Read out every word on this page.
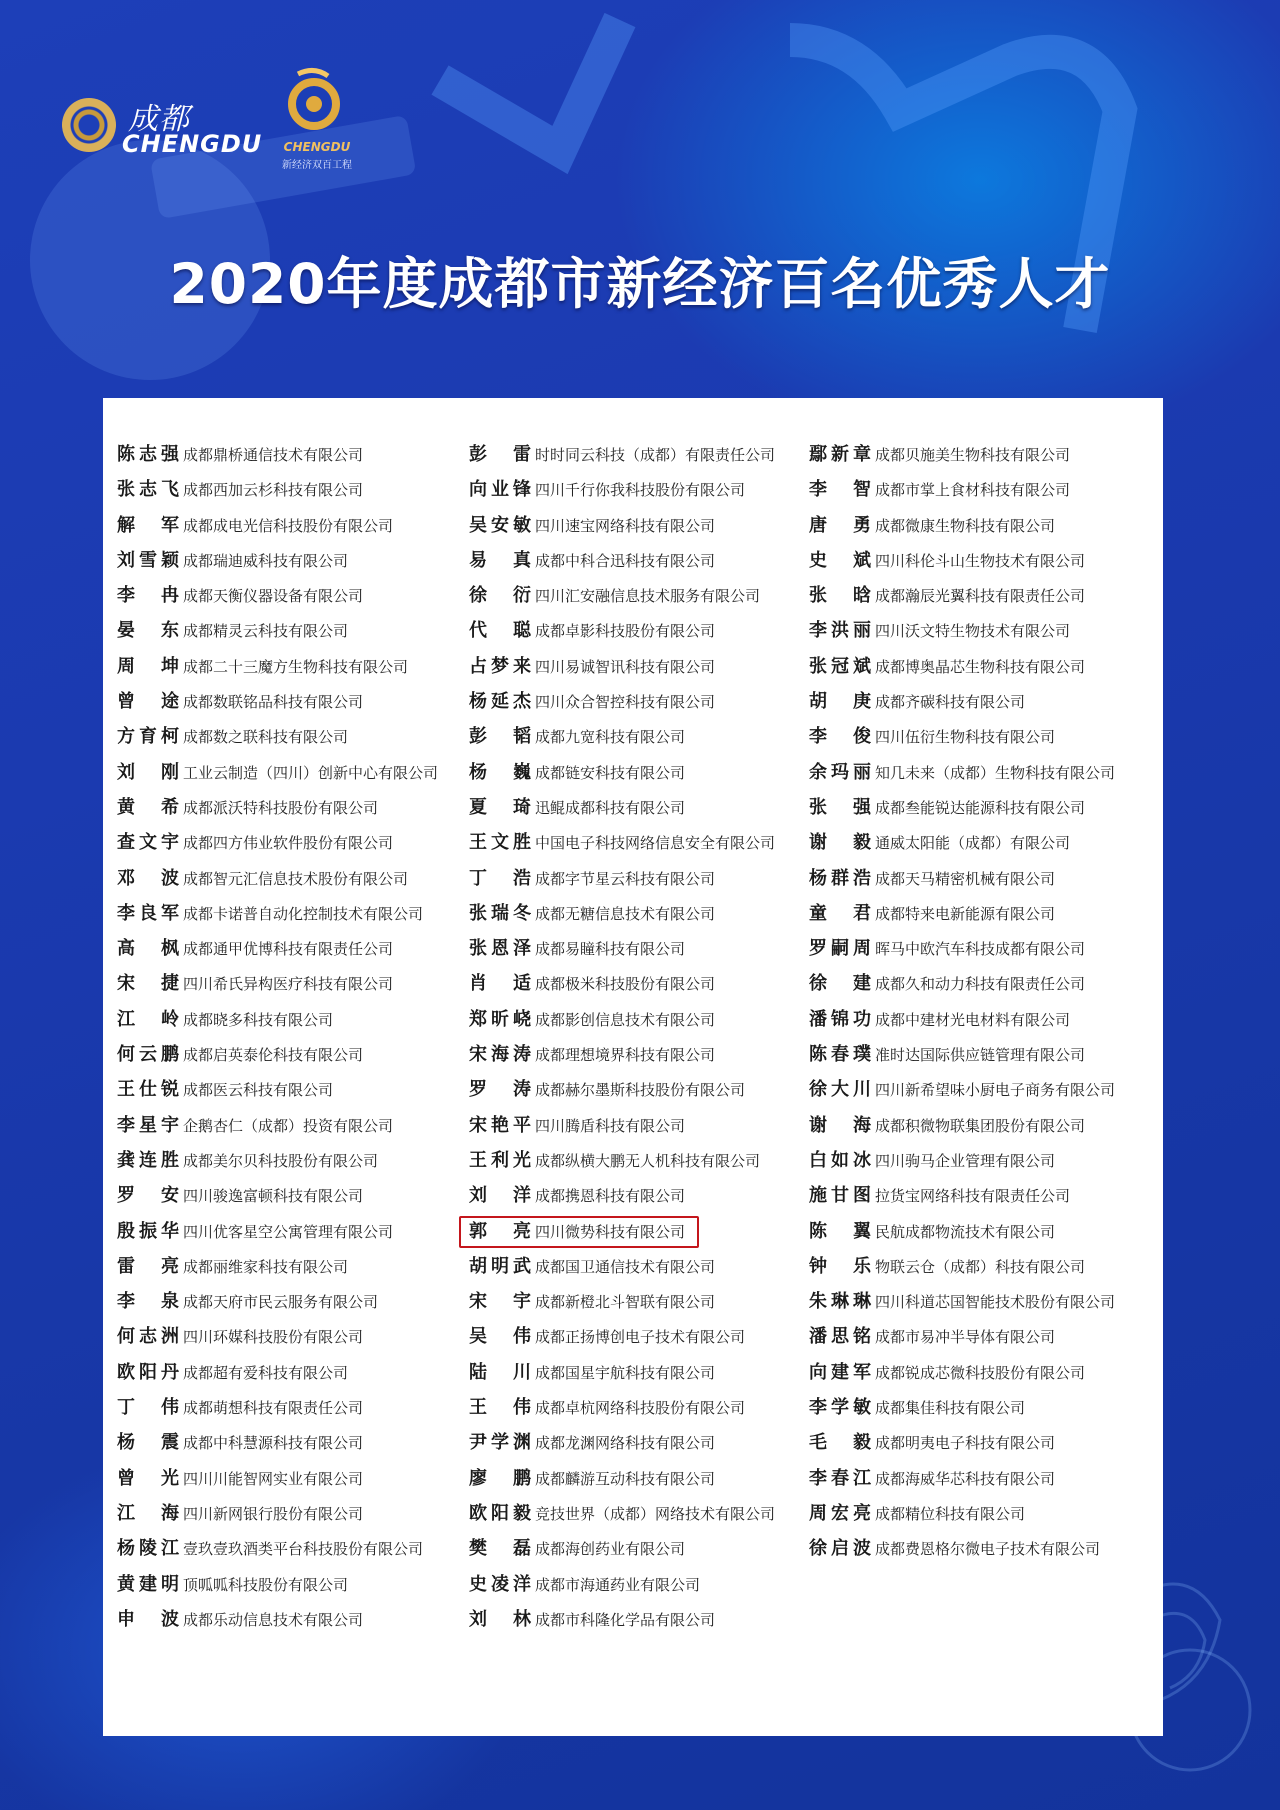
成都
CHENGDU	CHENGDU
新经济双百工程
2020年度成都市新经济百名优秀人才
陈志强 成都鼎桥通信技术有限公司
张志飞 成都西加云杉科技有限公司
解　军 成都成电光信科技股份有限公司
刘雪颖 成都瑞迪威科技有限公司
李　冉 成都天衡仪器设备有限公司
晏　东 成都精灵云科技有限公司
周　坤 成都二十三魔方生物科技有限公司
曾　途 成都数联铭品科技有限公司
方育柯 成都数之联科技有限公司
刘　刚 工业云制造（四川）创新中心有限公司
黄　希 成都派沃特科技股份有限公司
查文宇 成都四方伟业软件股份有限公司
邓　波 成都智元汇信息技术股份有限公司
李良军 成都卡诺普自动化控制技术有限公司
高　枫 成都通甲优博科技有限责任公司
宋　捷 四川希氏异构医疗科技有限公司
江　岭 成都晓多科技有限公司
何云鹏 成都启英泰伦科技有限公司
王仕锐 成都医云科技有限公司
李星宇 企鹅杏仁（成都）投资有限公司
龚连胜 成都美尔贝科技股份有限公司
罗　安 四川骏逸富顿科技有限公司
殷振华 四川优客星空公寓管理有限公司
雷　亮 成都丽维家科技有限公司
李　泉 成都天府市民云服务有限公司
何志洲 四川环媒科技股份有限公司
欧阳丹 成都超有爱科技有限公司
丁　伟 成都萌想科技有限责任公司
杨　震 成都中科慧源科技有限公司
曾　光 四川川能智网实业有限公司
江　海 四川新网银行股份有限公司
杨陵江 壹玖壹玖酒类平台科技股份有限公司
黄建明 顶呱呱科技股份有限公司
申　波 成都乐动信息技术有限公司
彭　雷 时时同云科技（成都）有限责任公司
向业锋 四川千行你我科技股份有限公司
吴安敏 四川速宝网络科技有限公司
易　真 成都中科合迅科技有限公司
徐　衍 四川汇安融信息技术服务有限公司
代　聪 成都卓影科技股份有限公司
占梦来 四川易诚智讯科技有限公司
杨延杰 四川众合智控科技有限公司
彭　韬 成都九宽科技有限公司
杨　巍 成都链安科技有限公司
夏　琦 迅鲲成都科技有限公司
王文胜 中国电子科技网络信息安全有限公司
丁　浩 成都字节星云科技有限公司
张瑞冬 成都无糖信息技术有限公司
张恩泽 成都易瞳科技有限公司
肖　适 成都极米科技股份有限公司
郑昕峣 成都影创信息技术有限公司
宋海涛 成都理想境界科技有限公司
罗　涛 成都赫尔墨斯科技股份有限公司
宋艳平 四川腾盾科技有限公司
王利光 成都纵横大鹏无人机科技有限公司
刘　洋 成都携恩科技有限公司
郭　亮 四川微势科技有限公司
胡明武 成都国卫通信技术有限公司
宋　宇 成都新橙北斗智联有限公司
吴　伟 成都正扬博创电子技术有限公司
陆　川 成都国星宇航科技有限公司
王　伟 成都卓杭网络科技股份有限公司
尹学渊 成都龙渊网络科技有限公司
廖　鹏 成都麟游互动科技有限公司
欧阳毅 竞技世界（成都）网络技术有限公司
樊　磊 成都海创药业有限公司
史凌洋 成都市海通药业有限公司
刘　林 成都市科隆化学品有限公司
鄢新章 成都贝施美生物科技有限公司
李　智 成都市掌上食材科技有限公司
唐　勇 成都微康生物科技有限公司
史　斌 四川科伦斗山生物技术有限公司
张　晗 成都瀚辰光翼科技有限责任公司
李洪丽 四川沃文特生物技术有限公司
张冠斌 成都博奥晶芯生物科技有限公司
胡　庚 成都齐碳科技有限公司
李　俊 四川伍衍生物科技有限公司
余玛丽 知几未来（成都）生物科技有限公司
张　强 成都叁能锐达能源科技有限公司
谢　毅 通威太阳能（成都）有限公司
杨群浩 成都天马精密机械有限公司
童　君 成都特来电新能源有限公司
罗嗣周 晖马中欧汽车科技成都有限公司
徐　建 成都久和动力科技有限责任公司
潘锦功 成都中建材光电材料有限公司
陈春璞 准时达国际供应链管理有限公司
徐大川 四川新希望味小厨电子商务有限公司
谢　海 成都积微物联集团股份有限公司
白如冰 四川驹马企业管理有限公司
施甘图 拉货宝网络科技有限责任公司
陈　翼 民航成都物流技术有限公司
钟　乐 物联云仓（成都）科技有限公司
朱琳琳 四川科道芯国智能技术股份有限公司
潘思铭 成都市易冲半导体有限公司
向建军 成都锐成芯微科技股份有限公司
李学敏 成都集佳科技有限公司
毛　毅 成都明夷电子科技有限公司
李春江 成都海威华芯科技有限公司
周宏亮 成都精位科技有限公司
徐启波 成都费恩格尔微电子技术有限公司
